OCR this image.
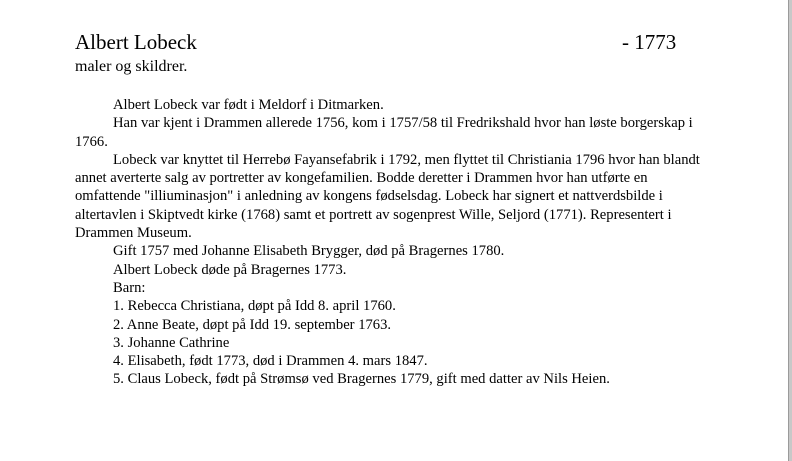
Albert Lobeck	- 1773
maler og skildrer.

Albert Lobeck var født i Meldorf i Ditmarken.

Han var kjent i Drammen allerede 1756, kom i 1757/58 til Fredrikshald hvor han løste borgerskap i 1766.

Lobeck var knyttet til Herrebø Fayansefabrik i 1792, men flyttet til Christiania 1796 hvor han blandt annet averterte salg av portretter av kongefamilien. Bodde deretter i Drammen hvor han utførte en omfattende "illiuminasjon" i anledning av kongens fødselsdag. Lobeck har signert et nattverdsbilde i altertavlen i Skiptvedt kirke (1768) samt et portrett av sogenprest Wille, Seljord (1771). Representert i Drammen Museum.

Gift 1757 med Johanne Elisabeth Brygger, død på Bragernes 1780.

Albert Lobeck døde på Bragernes 1773.

Barn:

1. Rebecca Christiana, døpt på Idd 8. april 1760.

2. Anne Beate, døpt på Idd 19. september 1763.

3. Johanne Cathrine

4. Elisabeth, født 1773, død i Drammen 4. mars 1847.

5. Claus Lobeck, født på Strømsø ved Bragernes 1779, gift med datter av Nils Heien.
